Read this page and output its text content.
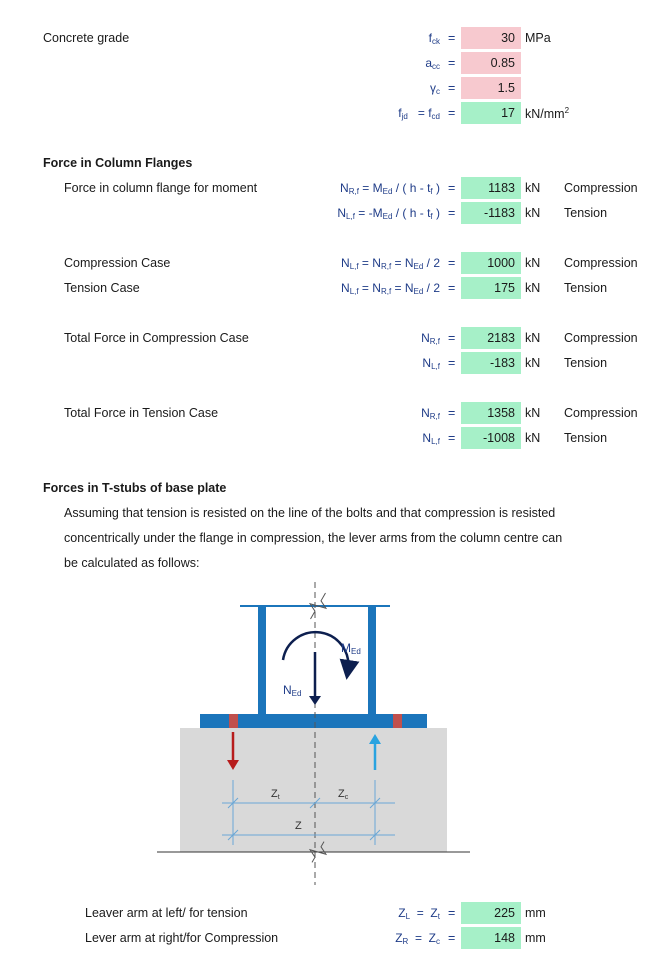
Concrete grade	$f_{ck}$ =	30 MPa
$a_{cc}$ =	0.85
$\gamma_c$ =	1.5
$f_{jd} = f_{cd}$ =	17 $kN/mm^2$
Force in Column Flanges
Force in column flange for moment	$N_{R,f} = M_{Ed}$ / ( h - $t_f$ ) =	1183 kN Compression
$N_{L,f} = -M_{Ed}$ / ( h - $t_f$ ) =	-1183 kN Tension
Compression Case	$N_{L,f} = N_{R,f} = N_{Ed} / 2$ =	1000 kN Compression
Tension Case	$N_{L,f} = N_{R,f} = N_{Ed} / 2$ =	175 kN Tension
Total Force in Compression Case	$N_{R,f}$ =	2183 kN Compression
$N_{L,f}$ =	-183 kN Tension
Total Force in Tension Case	$N_{R,f}$ =	1358 kN Compression
$N_{L,f}$ =	-1008 kN Tension
Forces in T-stubs of base plate
Assuming that tension is resisted on the line of the bolts and that compression is resisted
concentrically under the flange in compression, the lever arms from the column centre can
be calculated as follows:
MEd
NEd
Zt	Zc
Z
Leaver arm at left/ for tension	$Z_L = Z_t$ =	225 mm
Lever arm at right/for Compression	$Z_R = Z_c$ =	148 mm
